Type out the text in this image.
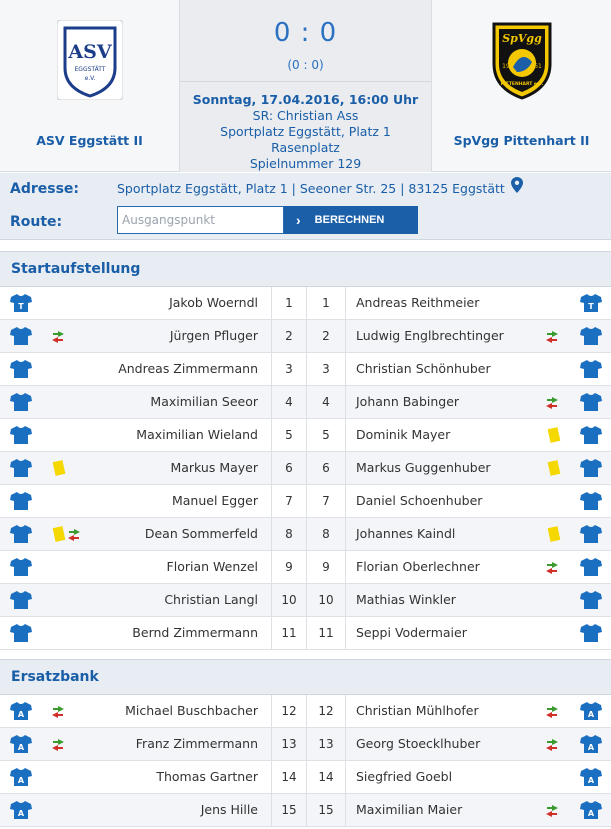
ASV
EGGSTÄTT
e.V.
ASV Eggstätt II
0 : 0
(0 : 0)
Sonntag, 17.04.2016, 16:00 Uhr
SR: Christian Ass
Sportplatz Eggstätt, Platz 1
Rasenplatz
Spielnummer 129
SpVgg
19	61
PITTENHART e.V.
SpVgg Pittenhart II
Adresse:	Sportplatz Eggstätt, Platz 1 | Seeoner Str. 25 | 83125 Eggstätt
Route:
Ausgangspunkt	› BERECHNEN
Startaufstellung
T	Jakob Woerndl	1	1	Andreas Reithmeier	T
Jürgen Pfluger	2	2	Ludwig Englbrechtinger
Andreas Zimmermann	3	3	Christian Schönhuber
Maximilian Seeor	4	4	Johann Babinger
Maximilian Wieland	5	5	Dominik Mayer
Markus Mayer	6	6	Markus Guggenhuber
Manuel Egger	7	7	Daniel Schoenhuber
Dean Sommerfeld	8	8	Johannes Kaindl
Florian Wenzel	9	9	Florian Oberlechner
Christian Langl	10	10	Mathias Winkler
Bernd Zimmermann	11	11	Seppi Vodermaier
Ersatzbank
A	Michael Buschbacher	12	12	Christian Mühlhofer	A
A	Franz Zimmermann	13	13	Georg Stoecklhuber	A
A	Thomas Gartner	14	14	Siegfried Goebl	A
A	Jens Hille	15	15	Maximilian Maier	A
